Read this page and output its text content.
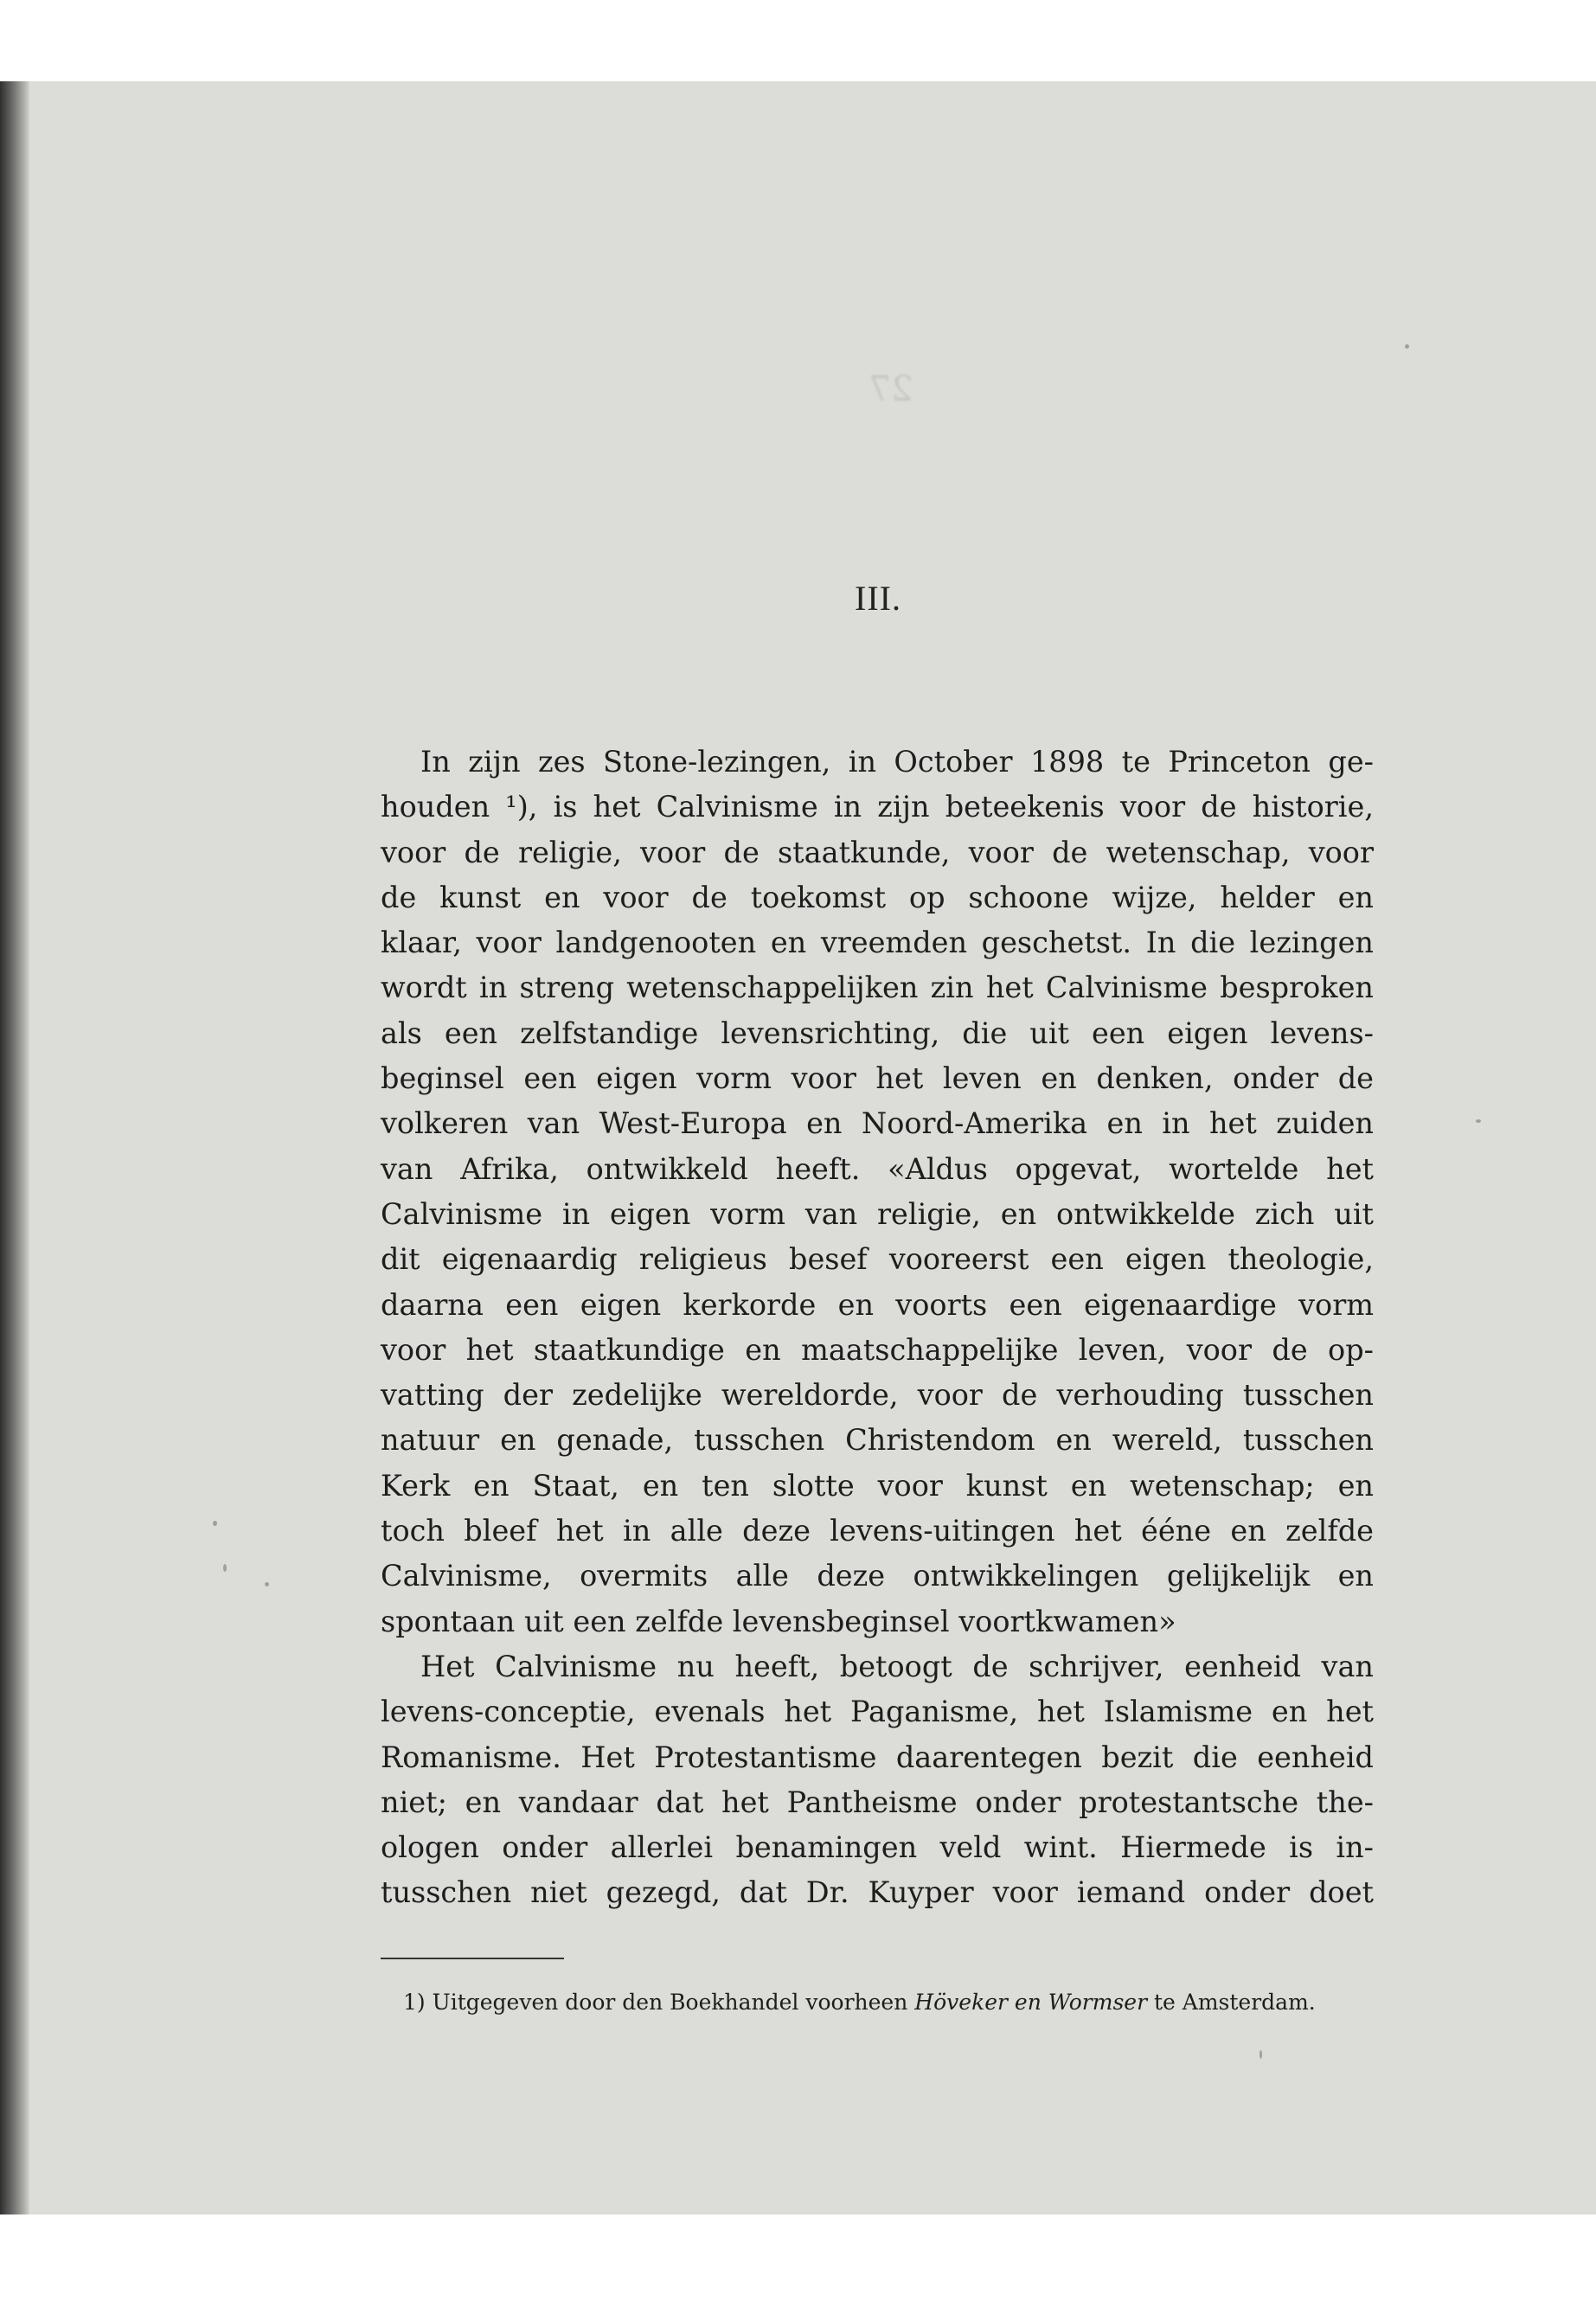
27

III.
In zijn zes Stone-lezingen, in October 1898 te Princeton ge-
houden ¹), is het Calvinisme in zijn beteekenis voor de historie,
voor de religie, voor de staatkunde, voor de wetenschap, voor
de kunst en voor de toekomst op schoone wijze, helder en
klaar, voor landgenooten en vreemden geschetst. In die lezingen
wordt in streng wetenschappelijken zin het Calvinisme besproken
als een zelfstandige levensrichting, die uit een eigen levens-
beginsel een eigen vorm voor het leven en denken, onder de
volkeren van West-Europa en Noord-Amerika en in het zuiden
van Afrika, ontwikkeld heeft. «Aldus opgevat, wortelde het
Calvinisme in eigen vorm van religie, en ontwikkelde zich uit
dit eigenaardig religieus besef vooreerst een eigen theologie,
daarna een eigen kerkorde en voorts een eigenaardige vorm
voor het staatkundige en maatschappelijke leven, voor de op-
vatting der zedelijke wereldorde, voor de verhouding tusschen
natuur en genade, tusschen Christendom en wereld, tusschen
Kerk en Staat, en ten slotte voor kunst en wetenschap; en
toch bleef het in alle deze levens-uitingen het ééne en zelfde
Calvinisme, overmits alle deze ontwikkelingen gelijkelijk en
spontaan uit een zelfde levensbeginsel voortkwamen»
Het Calvinisme nu heeft, betoogt de schrijver, eenheid van
levens-conceptie, evenals het Paganisme, het Islamisme en het
Romanisme. Het Protestantisme daarentegen bezit die eenheid
niet; en vandaar dat het Pantheisme onder protestantsche the-
ologen onder allerlei benamingen veld wint. Hiermede is in-
tusschen niet gezegd, dat Dr. Kuyper voor iemand onder doet
1) Uitgegeven door den Boekhandel voorheen Höveker en Wormser te Amsterdam.
